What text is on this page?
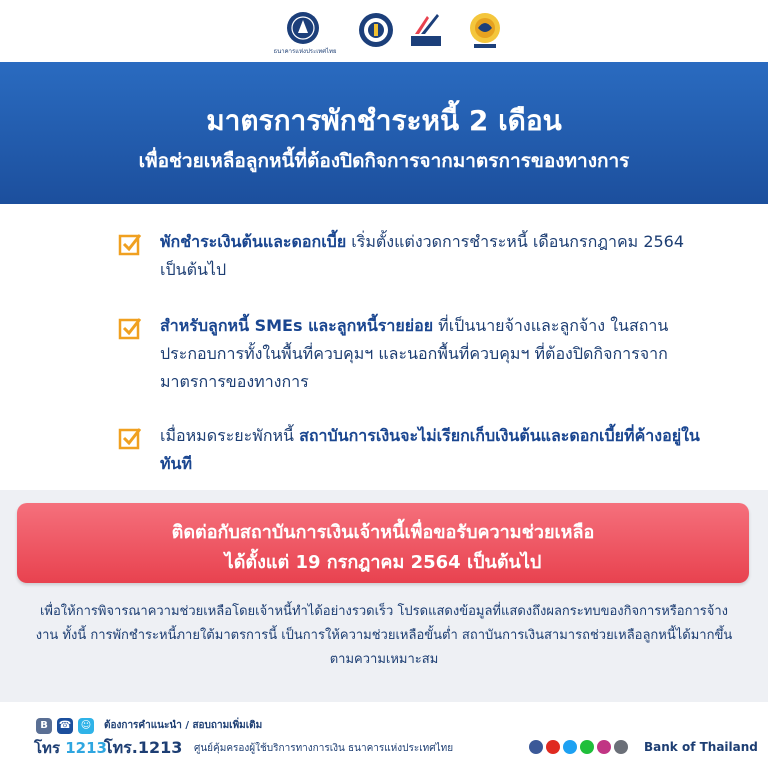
ธนาคารแห่งประเทศไทย
มาตรการพักชำระหนี้ 2 เดือน
เพื่อช่วยเหลือลูกหนี้ที่ต้องปิดกิจการจากมาตรการของทางการ
พักชำระเงินต้นและดอกเบี้ย เริ่มตั้งแต่งวดการชำระหนี้ เดือนกรกฎาคม 2564 เป็นต้นไป
สำหรับลูกหนี้ SMEs และลูกหนี้รายย่อย ที่เป็นนายจ้างและลูกจ้าง ในสถานประกอบการทั้งในพื้นที่ควบคุมฯ และนอกพื้นที่ควบคุมฯ ที่ต้องปิดกิจการจากมาตรการของทางการ
เมื่อหมดระยะพักหนี้ สถาบันการเงินจะไม่เรียกเก็บเงินต้นและดอกเบี้ยที่ค้างอยู่ในทันที
ติดต่อกับสถาบันการเงินเจ้าหนี้เพื่อขอรับความช่วยเหลือ
ได้ตั้งแต่ 19 กรกฎาคม 2564 เป็นต้นไป
เพื่อให้การพิจารณาความช่วยเหลือโดยเจ้าหนี้ทำได้อย่างรวดเร็ว โปรดแสดงข้อมูลที่แสดงถึงผลกระทบของกิจการหรือการจ้างงาน ทั้งนี้ การพักชำระหนี้ภายใต้มาตรการนี้ เป็นการให้ความช่วยเหลือขั้นต่ำ สถาบันการเงินสามารถช่วยเหลือลูกหนี้ได้มากขึ้นตามความเหมาะสม
B	☎ ☺
โทร 1213
ต้องการคำแนะนำ / สอบถามเพิ่มเติม
โทร.1213 ศูนย์คุ้มครองผู้ใช้บริการทางการเงิน ธนาคารแห่งประเทศไทย	Bank of Thailand
